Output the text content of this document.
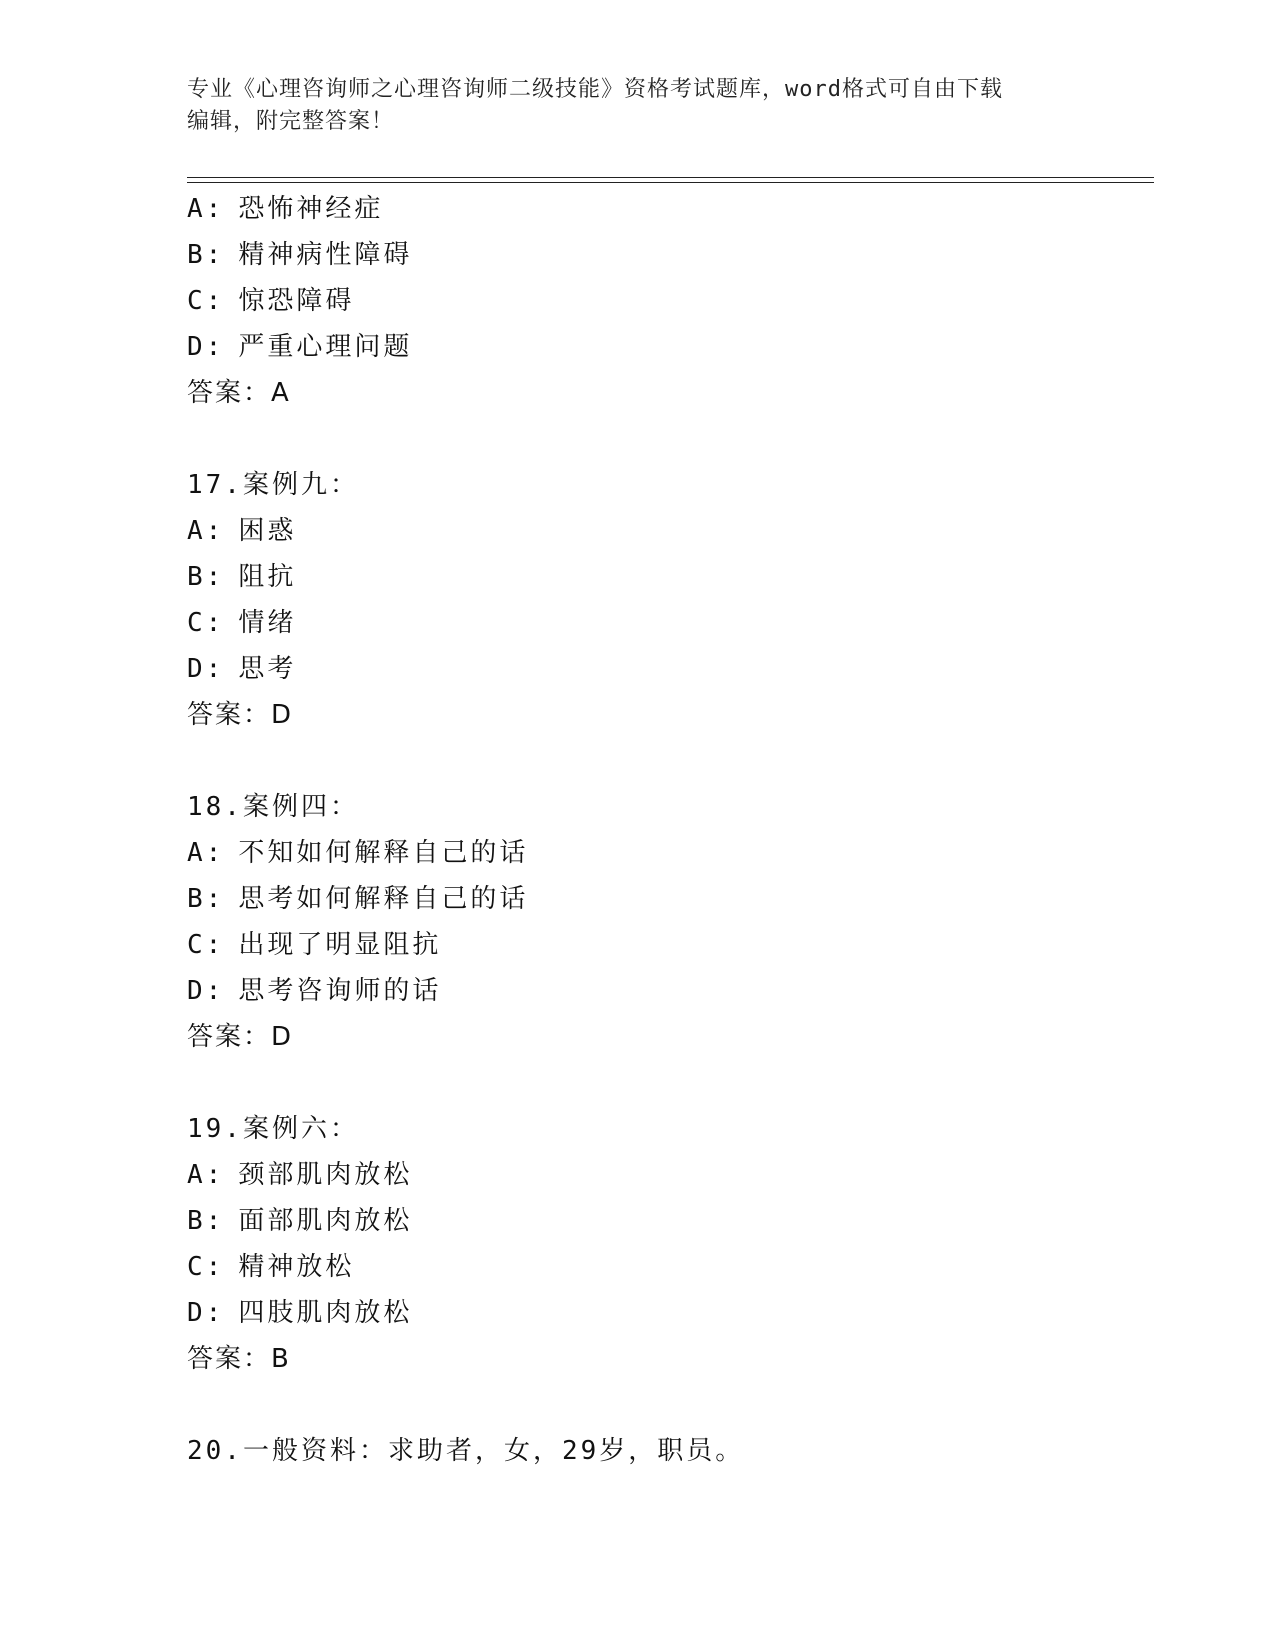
专业《心理咨询师之心理咨询师二级技能》资格考试题库，word格式可自由下载
编辑，附完整答案！
A: 恐怖神经症
B: 精神病性障碍
C: 惊恐障碍
D: 严重心理问题
答案：A
17.案例九：
A: 困惑
B: 阻抗
C: 情绪
D: 思考
答案：D
18.案例四：
A: 不知如何解释自己的话
B: 思考如何解释自己的话
C: 出现了明显阻抗
D: 思考咨询师的话
答案：D
19.案例六：
A: 颈部肌肉放松
B: 面部肌肉放松
C: 精神放松
D: 四肢肌肉放松
答案：B
20.一般资料：求助者，女，29岁，职员。
